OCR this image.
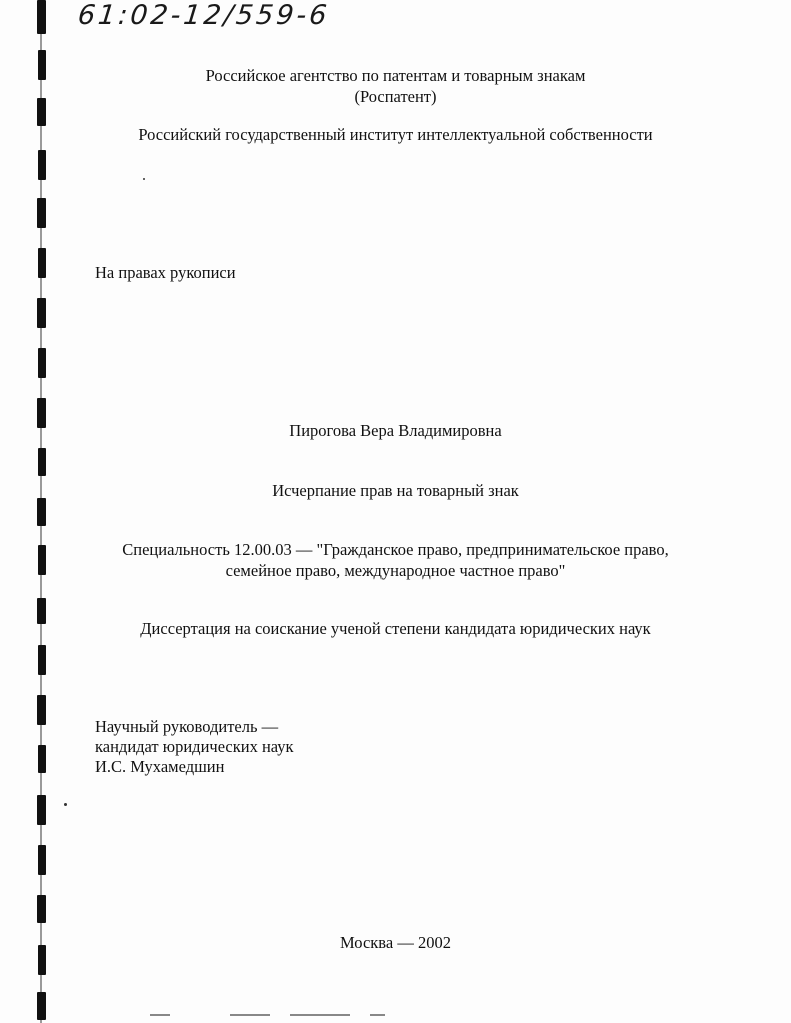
61:02-12/559-6
Российское агентство по патентам и товарным знакам
(Роспатент)
Российский государственный институт интеллектуальной собственности
На правах рукописи
Пирогова Вера Владимировна
Исчерпание прав на товарный знак
Специальность 12.00.03 — "Гражданское право, предпринимательское право,
семейное право, международное частное право"
Диссертация на соискание ученой степени кандидата юридических наук
Научный руководитель —
кандидат юридических наук
И.С. Мухамедшин
Москва — 2002
